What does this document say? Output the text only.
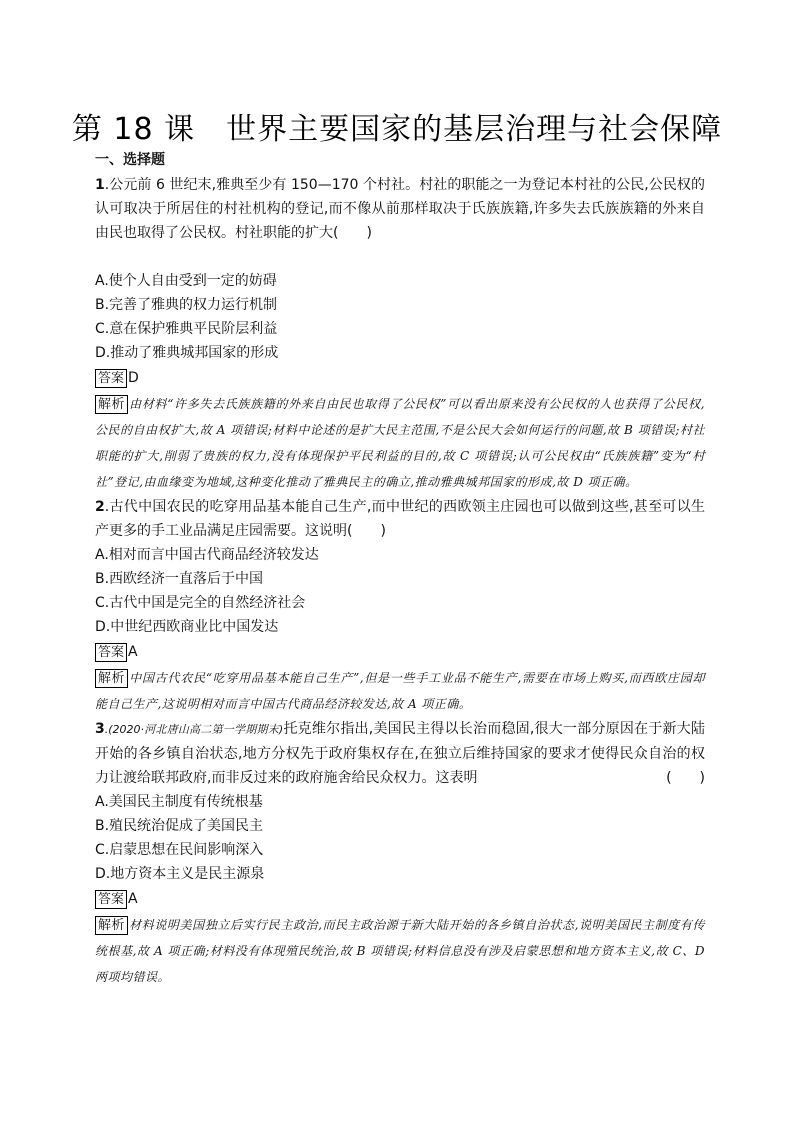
第 18 课　世界主要国家的基层治理与社会保障
一、选择题

1.公元前 6 世纪末,雅典至少有 150—170 个村社。村社的职能之一为登记本村社的公民,公民权的认可取决于所居住的村社机构的登记,而不像从前那样取决于氏族族籍,许多失去氏族族籍的外来自由民也取得了公民权。村社职能的扩大(　　)

A.使个人自由受到一定的妨碍

B.完善了雅典的权力运行机制

C.意在保护雅典平民阶层利益

D.推动了雅典城邦国家的形成

答案 D

解析 由材料“许多失去氏族族籍的外来自由民也取得了公民权”可以看出原来没有公民权的人也获得了公民权,公民的自由权扩大,故 A 项错误;材料中论述的是扩大民主范围,不是公民大会如何运行的问题,故 B 项错误;村社职能的扩大,削弱了贵族的权力,没有体现保护平民利益的目的,故 C 项错误;认可公民权由“氏族族籍”变为“村社”登记,由血缘变为地域,这种变化推动了雅典民主的确立,推动雅典城邦国家的形成,故 D 项正确。

2.古代中国农民的吃穿用品基本能自己生产,而中世纪的西欧领主庄园也可以做到这些,甚至可以生产更多的手工业品满足庄园需要。这说明(　　)

A.相对而言中国古代商品经济较发达

B.西欧经济一直落后于中国

C.古代中国是完全的自然经济社会

D.中世纪西欧商业比中国发达

答案 A

解析 中国古代农民“吃穿用品基本能自己生产”,但是一些手工业品不能生产,需要在市场上购买,而西欧庄园却能自己生产,这说明相对而言中国古代商品经济较发达,故 A 项正确。

3.(2020·河北唐山高二第一学期期末)托克维尔指出,美国民主得以长治而稳固,很大一部分原因在于新大陆开始的各乡镇自治状态,地方分权先于政府集权存在,在独立后维持国家的要求才使得民众自治的权力让渡给联邦政府,而非反过来的政府施舍给民众权力。这表明	(　　)

A.美国民主制度有传统根基

B.殖民统治促成了美国民主

C.启蒙思想在民间影响深入

D.地方资本主义是民主源泉

答案 A

解析 材料说明美国独立后实行民主政治,而民主政治源于新大陆开始的各乡镇自治状态,说明美国民主制度有传统根基,故 A 项正确;材料没有体现殖民统治,故 B 项错误;材料信息没有涉及启蒙思想和地方资本主义,故 C、D 两项均错误。
